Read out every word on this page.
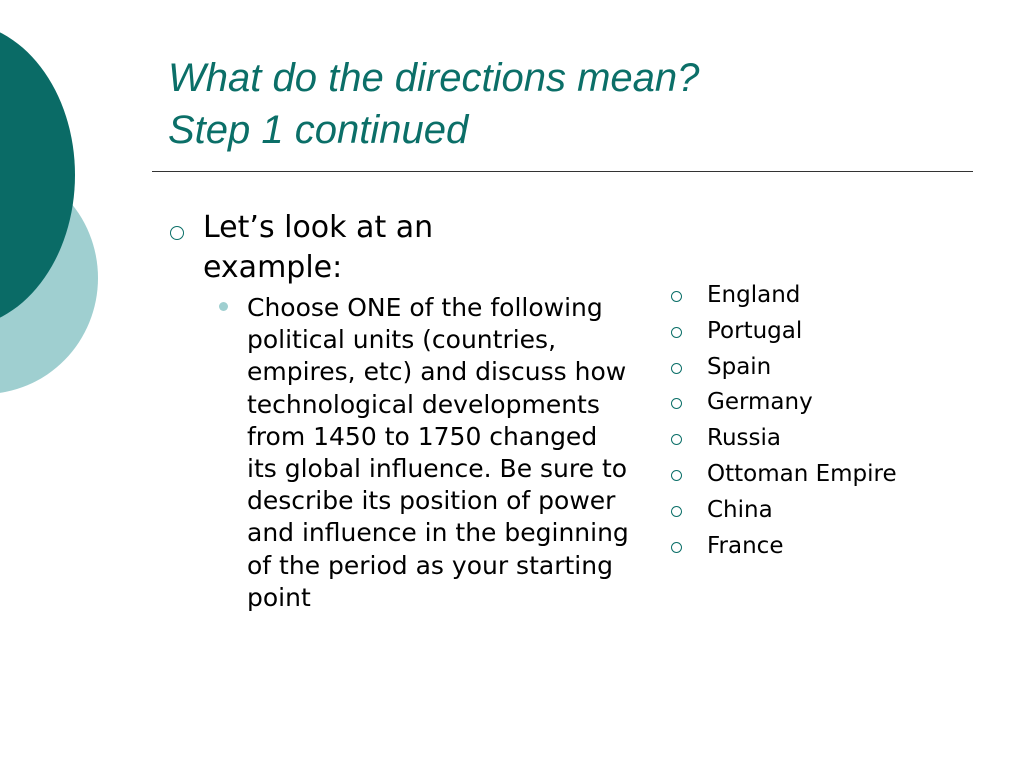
What do the directions mean?
Step 1 continued
Let’s look at an example:
Choose ONE of the following political units (countries, empires, etc) and discuss how technological developments from 1450 to 1750 changed its global influence. Be sure to describe its position of power and influence in the beginning of the period as your starting point
England
Portugal
Spain
Germany
Russia
Ottoman Empire
China
France
